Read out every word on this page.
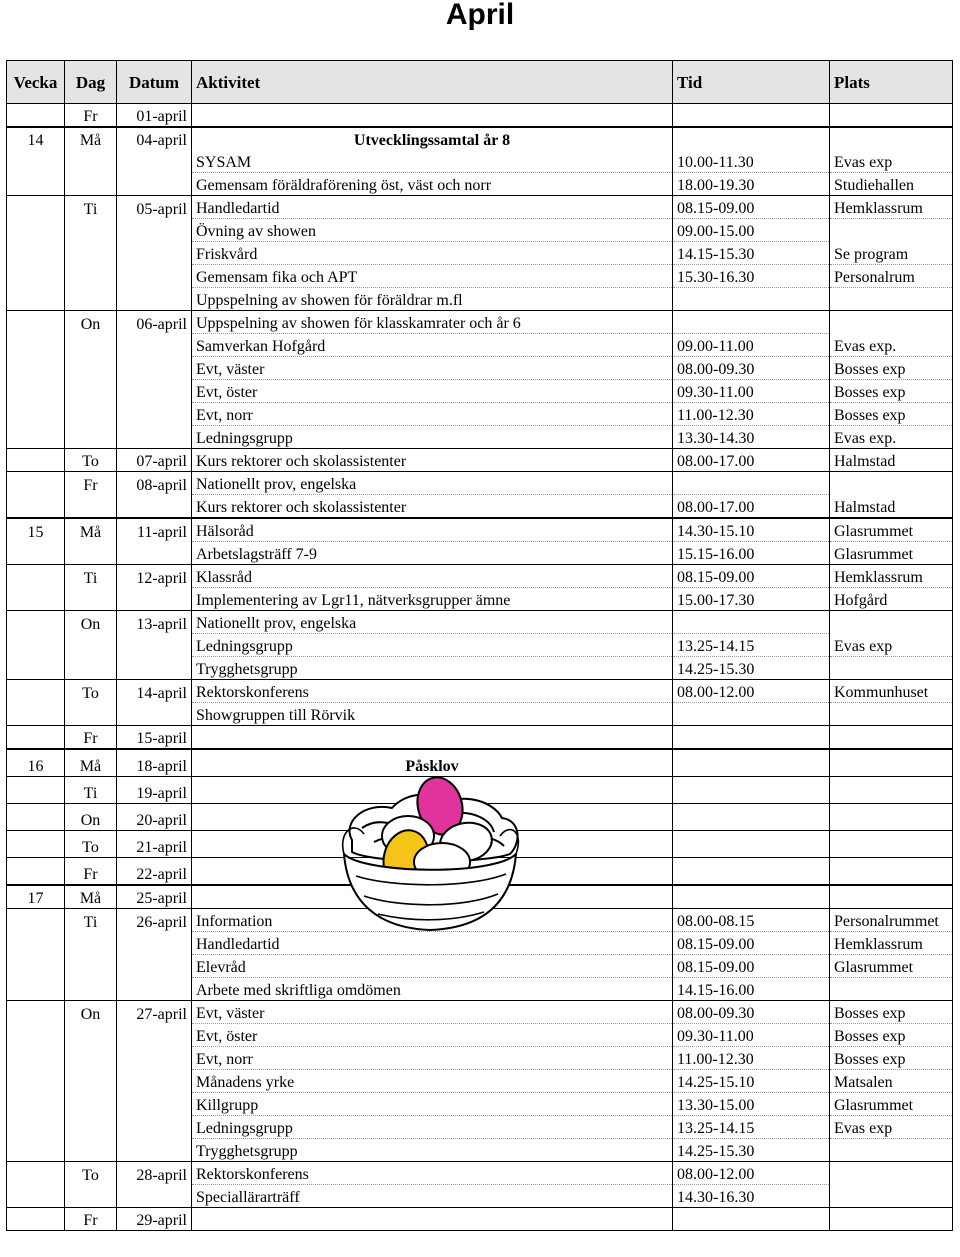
April
Vecka	Dag	Datum	Aktivitet	Tid	Plats
	Fr	01-april			
14	Må	04-april	Utvecklingssamtal år 8		
			SYSAM	10.00-11.30	Evas exp
			Gemensam föräldraförening öst, väst och norr	18.00-19.30	Studiehallen
	Ti	05-april	Handledartid	08.15-09.00	Hemklassrum
			Övning av showen	09.00-15.00	
			Friskvård	14.15-15.30	Se program
			Gemensam fika och APT	15.30-16.30	Personalrum
			Uppspelning av showen för föräldrar m.fl		
	On	06-april	Uppspelning av showen för klasskamrater och år 6		
			Samverkan Hofgård	09.00-11.00	Evas exp.
			Evt, väster	08.00-09.30	Bosses exp
			Evt, öster	09.30-11.00	Bosses exp
			Evt, norr	11.00-12.30	Bosses exp
			Ledningsgrupp	13.30-14.30	Evas exp.
	To	07-april	Kurs rektorer och skolassistenter	08.00-17.00	Halmstad
	Fr	08-april	Nationellt prov, engelska		
			Kurs rektorer och skolassistenter	08.00-17.00	Halmstad
15	Må	11-april	Hälsoråd	14.30-15.10	Glasrummet
			Arbetslagsträff 7-9	15.15-16.00	Glasrummet
	Ti	12-april	Klassråd	08.15-09.00	Hemklassrum
			Implementering av Lgr11, nätverksgrupper ämne	15.00-17.30	Hofgård
	On	13-april	Nationellt prov, engelska		
			Ledningsgrupp	13.25-14.15	Evas exp
			Trygghetsgrupp	14.25-15.30	
	To	14-april	Rektorskonferens	08.00-12.00	Kommunhuset
			Showgruppen till Rörvik		
	Fr	15-april			
16	Må	18-april	Påsklov

	Ti	19-april			
	On	20-april			
	To	21-april			
	Fr	22-april			
17	Må	25-april			
	Ti	26-april	Information	08.00-08.15	Personalrummet
			Handledartid	08.15-09.00	Hemklassrum
			Elevråd	08.15-09.00	Glasrummet
			Arbete med skriftliga omdömen	14.15-16.00	
	On	27-april	Evt, väster	08.00-09.30	Bosses exp
			Evt, öster	09.30-11.00	Bosses exp
			Evt, norr	11.00-12.30	Bosses exp
			Månadens yrke	14.25-15.10	Matsalen
			Killgrupp	13.30-15.00	Glasrummet
			Ledningsgrupp	13.25-14.15	Evas exp
			Trygghetsgrupp	14.25-15.30	
	To	28-april	Rektorskonferens	08.00-12.00	
			Speciallärarträff	14.30-16.30	
	Fr	29-april			
